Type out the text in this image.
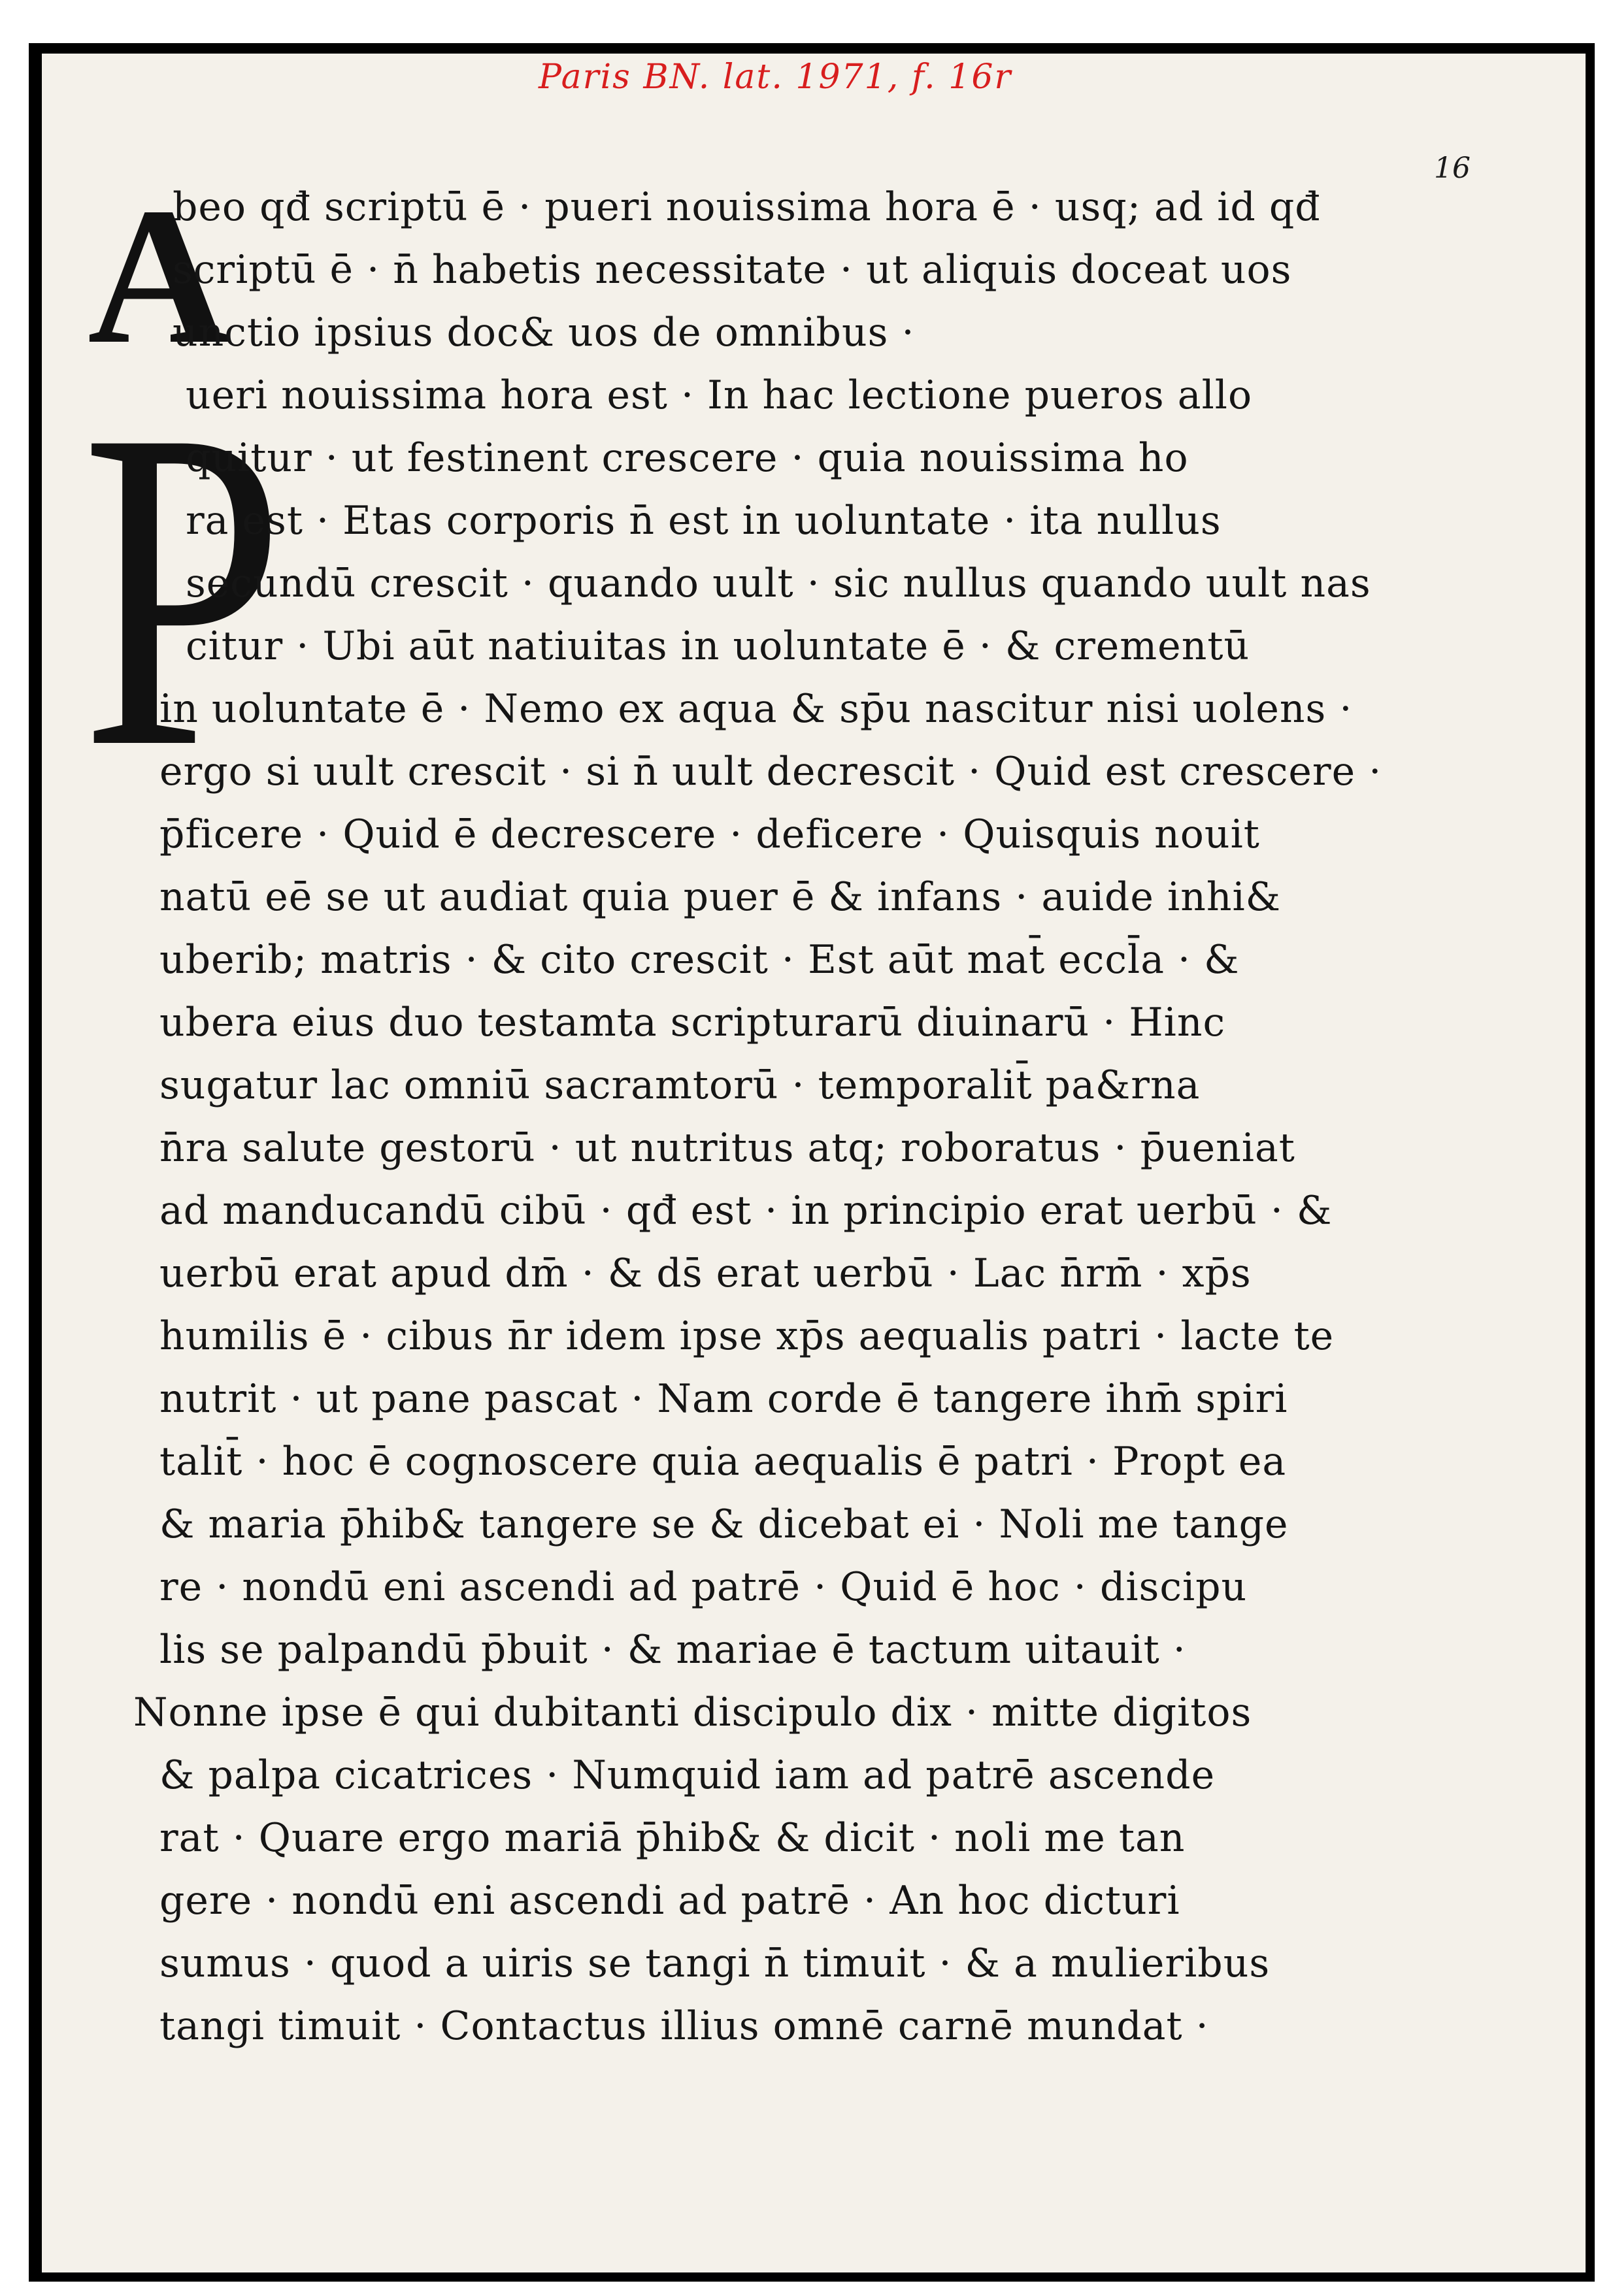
Paris BN. lat. 1971, f. 16r
16
A
P
beo qđ scriptū ē · pueri nouissima hora ē · usq; ad id qđ
scriptū ē · n̄ habetis necessitate · ut aliquis doceat uos
unctio ipsius doc& uos de omnibus ·
ueri nouissima hora est · In hac lectione pueros allo
quitur · ut festinent crescere · quia nouissima ho
ra est · Etas corporis n̄ est in uoluntate · ita nullus
secundū crescit · quando uult · sic nullus quando uult nas
citur · Ubi aūt natiuitas in uoluntate ē · & crementū
in uoluntate ē · Nemo ex aqua & sp̄u nascitur nisi uolens ·
ergo si uult crescit · si n̄ uult decrescit · Quid est crescere ·
p̄ficere · Quid ē decrescere · deficere · Quisquis nouit
natū eē se ut audiat quia puer ē & infans · auide inhi&
uberib; matris · & cito crescit · Est aūt mat̄ eccl̄a · &
ubera eius duo testamta scripturarū diuinarū · Hinc
sugatur lac omniū sacramtorū · temporalit̄ pa&rna
n̄ra salute gestorū · ut nutritus atq; roboratus · p̄ueniat
ad manducandū cibū · qđ est · in principio erat uerbū · &
uerbū erat apud dm̄ · & ds̄ erat uerbū · Lac n̄rm̄ · xp̄s
humilis ē · cibus n̄r idem ipse xp̄s aequalis patri · lacte te
nutrit · ut pane pascat · Nam corde ē tangere ihm̄ spiri
talit̄ · hoc ē cognoscere quia aequalis ē patri · Propt ea
& maria p̄hib& tangere se & dicebat ei · Noli me tange
re · nondū eni ascendi ad patrē · Quid ē hoc · discipu
lis se palpandū p̄buit · & mariae ē tactum uitauit ·
Nonne ipse ē qui dubitanti discipulo dix · mitte digitos
& palpa cicatrices · Numquid iam ad patrē ascende
rat · Quare ergo mariā p̄hib& & dicit · noli me tan
gere · nondū eni ascendi ad patrē · An hoc dicturi
sumus · quod a uiris se tangi n̄ timuit · & a mulieribus
tangi timuit · Contactus illius omnē carnē mundat ·
